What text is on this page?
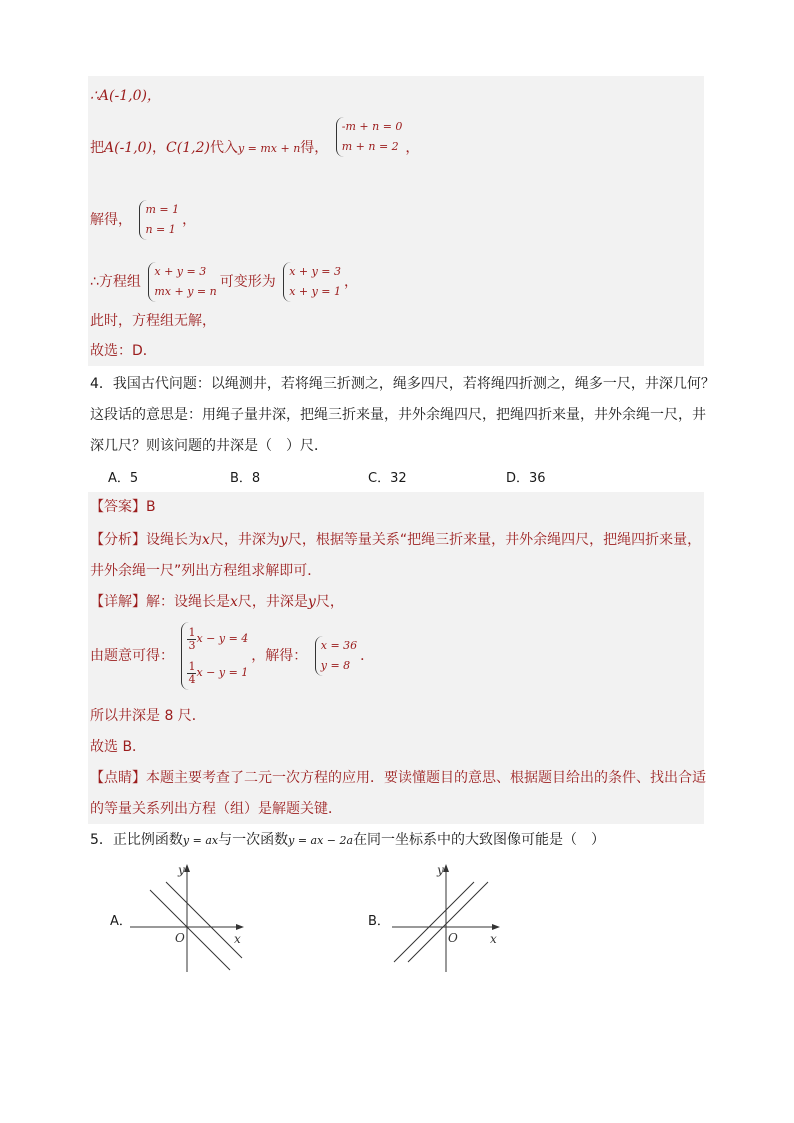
∴A(-1,0)，
把A(-1,0)，C(1,2)代入y = mx + n得，
-m + n = 0
m + n = 2 ，
解得，
m = 1
n = 1
，
∴方程组
x + y = 3
mx + y = n
可变形为
x + y = 3
x + y = 1
，
此时，方程组无解，
故选：D．
4．我国古代问题：以绳测井，若将绳三折测之，绳多四尺，若将绳四折测之，绳多一尺，井深几何？
这段话的意思是：用绳子量井深，把绳三折来量，井外余绳四尺，把绳四折来量，井外余绳一尺，井
深几尺？则该问题的井深是（　）尺．
A．5	B．8	C．32	D．36
【答案】B
【分析】设绳长为x尺，井深为y尺，根据等量关系“把绳三折来量，井外余绳四尺，把绳四折来量，
井外余绳一尺”列出方程组求解即可．
【详解】解：设绳长是x尺，井深是y尺，
由题意可得：
$\frac{1}{3}$ x − y = 4
$\frac{1}{4}$ x − y = 1
，解得：
x = 36
y = 8
．
所以井深是 8 尺．
故选 B．
【点睛】本题主要考查了二元一次方程的应用．要读懂题目的意思、根据题目给出的条件、找出合适
的等量关系列出方程（组）是解题关键．
5．正比例函数y = ax与一次函数y = ax − 2a在同一坐标系中的大致图像可能是（　）
A．
x
y
O
B．
x
y
O
